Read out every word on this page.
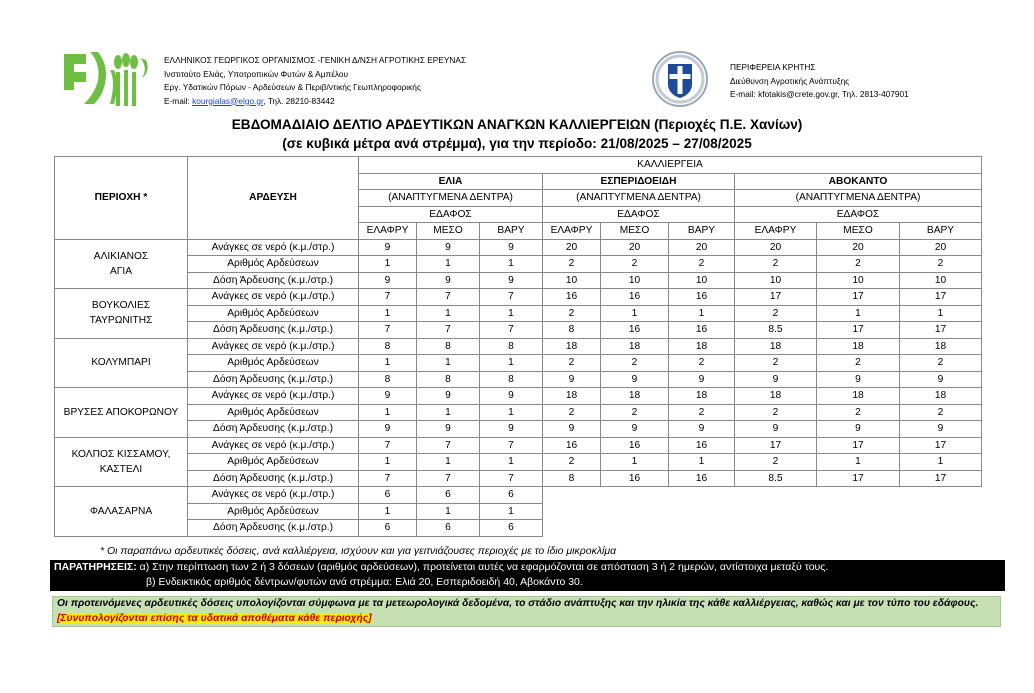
ΕΛΛΗΝΙΚΟΣ ΓΕΩΡΓΙΚΟΣ ΟΡΓΑΝΙΣΜΟΣ -ΓΕΝΙΚΗ Δ/ΝΣΗ ΑΓΡΟΤΙΚΗΣ ΕΡΕΥΝΑΣ
Ινστιτούτο Ελιάς, Υποτροπικών Φυτών & Αμπέλου
Εργ. Υδατικών Πόρων - Αρδεύσεων & Περιβ/ντικής Γεωπληροφορικής
E-mail: kourgialas@elgo.gr, Τηλ. 28210-83442
ΠΕΡΙΦΕΡΕΙΑ ΚΡΗΤΗΣ
Διεύθυνση Αγροτικής Ανάπτυξης
E-mail: kfotakis@crete.gov.gr, Τηλ. 2813-407901
ΕΒΔΟΜΑΔΙΑΙΟ ΔΕΛΤΙΟ ΑΡΔΕΥΤΙΚΩΝ ΑΝΑΓΚΩΝ ΚΑΛΛΙΕΡΓΕΙΩΝ (Περιοχές Π.Ε. Χανίων)
(σε κυβικά μέτρα ανά στρέμμα), για την περίοδο: 21/08/2025 – 27/08/2025
ΠΕΡΙΟΧΗ *	ΑΡΔΕΥΣΗ	ΚΑΛΛΙΕΡΓΕΙΑ								
		ΕΛΙΑ			ΕΣΠΕΡΙΔΟΕΙΔΗ			ΑΒΟΚΑΝΤΟ		
		(ΑΝΑΠΤΥΓΜΕΝΑ ΔΕΝΤΡΑ)			(ΑΝΑΠΤΥΓΜΕΝΑ ΔΕΝΤΡΑ)			(ΑΝΑΠΤΥΓΜΕΝΑ ΔΕΝΤΡΑ)		
		ΕΔΑΦΟΣ			ΕΔΑΦΟΣ			ΕΔΑΦΟΣ		
		ΕΛΑΦΡΥ	ΜΕΣΟ	ΒΑΡΥ	ΕΛΑΦΡΥ	ΜΕΣΟ	ΒΑΡΥ	ΕΛΑΦΡΥ	ΜΕΣΟ	ΒΑΡΥ
ΑΛΙΚΙΑΝΟΣ
ΑΓΙΑ	Ανάγκες σε νερό (κ.μ./στρ.)	9	9	9	20	20	20	20	20	20
	Αριθμός Αρδεύσεων	1	1	1	2	2	2	2	2	2
	Δόση Άρδευσης (κ.μ./στρ.)	9	9	9	10	10	10	10	10	10
ΒΟΥΚΟΛΙΕΣ
ΤΑΥΡΩΝΙΤΗΣ	Ανάγκες σε νερό (κ.μ./στρ.)	7	7	7	16	16	16	17	17	17
	Αριθμός Αρδεύσεων	1	1	1	2	1	1	2	1	1
	Δόση Άρδευσης (κ.μ./στρ.)	7	7	7	8	16	16	8.5	17	17
ΚΟΛΥΜΠΑΡΙ	Ανάγκες σε νερό (κ.μ./στρ.)	8	8	8	18	18	18	18	18	18
	Αριθμός Αρδεύσεων	1	1	1	2	2	2	2	2	2
	Δόση Άρδευσης (κ.μ./στρ.)	8	8	8	9	9	9	9	9	9
ΒΡΥΣΕΣ ΑΠΟΚΟΡΩΝΟΥ	Ανάγκες σε νερό (κ.μ./στρ.)	9	9	9	18	18	18	18	18	18
	Αριθμός Αρδεύσεων	1	1	1	2	2	2	2	2	2
	Δόση Άρδευσης (κ.μ./στρ.)	9	9	9	9	9	9	9	9	9
ΚΟΛΠΟΣ ΚΙΣΣΑΜΟΥ,
ΚΑΣΤΕΛΙ	Ανάγκες σε νερό (κ.μ./στρ.)	7	7	7	16	16	16	17	17	17
	Αριθμός Αρδεύσεων	1	1	1	2	1	1	2	1	1
	Δόση Άρδευσης (κ.μ./στρ.)	7	7	7	8	16	16	8.5	17	17
ΦΑΛΑΣΑΡΝΑ	Ανάγκες σε νερό (κ.μ./στρ.)	6	6	6						
	Αριθμός Αρδεύσεων	1	1	1						
	Δόση Άρδευσης (κ.μ./στρ.)	6	6	6						
* Οι παραπάνω αρδευτικές δόσεις, ανά καλλιέργεια, ισχύουν και για γειτνιάζουσες περιοχές με το ίδιο μικροκλίμα
ΠΑΡΑΤΗΡΗΣΕΙΣ: α) Στην περίπτωση των 2 ή 3 δόσεων (αριθμός αρδεύσεων), προτείνεται αυτές να εφαρμόζονται σε απόσταση 3 ή 2 ημερών, αντίστοιχα μεταξύ τους.
β) Ενδεικτικός αριθμός δέντρων/φυτών ανά στρέμμα: Ελιά 20, Εσπεριδοειδή 40, Αβοκάντο 30.
Οι προτεινόμενες αρδευτικές δόσεις υπολογίζονται σύμφωνα με τα μετεωρολογικά δεδομένα, το στάδιο ανάπτυξης και την ηλικία της κάθε καλλιέργειας, καθώς και με τον τύπο του εδάφους. [Συνυπολογίζονται επίσης τα υδατικά αποθέματα κάθε περιοχής]
